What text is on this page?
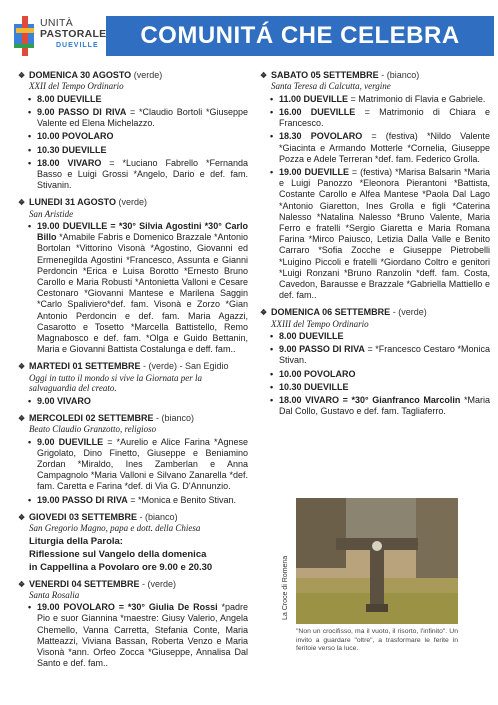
UNITÀ
PASTORALE
DUEVILLE	COMUNITÁ CHE CELEBRA
❖ DOMENICA 30 AGOSTO (verde)
XXII del Tempo Ordinario
• 8.00 DUEVILLE
• 9.00 PASSO DI RIVA = *Claudio Bortoli *Giuseppe Valente ed Elena Michelazzo.
• 10.00 POVOLARO
• 10.30 DUEVILLE
• 18.00 VIVARO = *Luciano Fabrello *Fernanda Basso e Luigi Grossi *Angelo, Dario e def. fam. Stivanin.
❖ LUNEDI 31 AGOSTO (verde)
San Aristide
• 19.00 DUEVILLE = *30° Silvia Agostini *30° Carlo Billo *Amabile Fabris e Domenico Brazzale *Antonio Bortolan *Vittorino Visonà *Agostino, Giovanni ed Ermenegilda Agostini *Francesco, Assunta e Gianni Perdoncin *Erica e Luisa Borotto *Ernesto Bruno Carollo e Maria Robusti *Antonietta Valloni e Cesare Cestonaro *Giovanni Mantese e Marilena Saggin *Carlo Spaliviero*def. fam. Visonà e Zorzo *Gian Antonio Perdoncin e def. fam. Maria Agazzi, Casarotto e Tosetto *Marcella Battistello, Remo Magnabosco e def. fam. *Olga e Guido Bettanin, Maria e Giovanni Battista Costalunga e deff. fam..
❖ MARTEDI 01 SETTEMBRE - (verde) - San Egidio
Oggi in tutto il mondo si vive la Giornata per la salvaguardia del creato.
• 9.00 VIVARO
❖ MERCOLEDI 02 SETTEMBRE - (bianco)
Beato Claudio Granzotto, religioso
• 9.00 DUEVILLE = *Aurelio e Alice Farina *Agnese Grigolato, Dino Finetto, Giuseppe e Beniamino Zordan *Miraldo, Ines Zamberlan e Anna Campagnolo *Maria Valloni e Silvano Zanarella *def. fam. Caretta e Farina *def. di Via G. D'Annunzio.
• 19.00 PASSO DI RIVA = *Monica e Benito Stivan.
❖ GIOVEDI 03 SETTEMBRE - (bianco)
San Gregorio Magno, papa e dott. della Chiesa
Liturgia della Parola:
Riflessione sul Vangelo della domenica
in Cappellina a Povolaro ore 9.00 e 20.30
❖ VENERDI 04 SETTEMBRE - (verde)
Santa Rosalia
• 19.00 POVOLARO = *30° Giulia De Rossi *padre Pio e suor Giannina *maestre: Giusy Valerio, Angela Chemello, Vanna Carretta, Stefania Conte, Maria Matteazzi, Viviana Bassan, Roberta Venzo e Maria Visonà *ann. Orfeo Zocca *Giuseppe, Annalisa Dal Santo e def. fam..
❖ SABATO 05 SETTEMBRE - (bianco)
Santa Teresa di Calcutta, vergine
• 11.00 DUEVILLE = Matrimonio di Flavia e Gabriele.
• 16.00 DUEVILLE = Matrimonio di Chiara e Francesco.
• 18.30 POVOLARO = (festiva) *Nildo Valente *Giacinta e Armando Motterle *Cornelia, Giuseppe Pozza e Adele Terreran *def. fam. Federico Grolla.
• 19.00 DUEVILLE = (festiva) *Marisa Balsarin *Maria e Luigi Panozzo *Eleonora Pierantoni *Battista, Costante Carollo e Alfea Mantese *Paola Dal Lago *Antonio Giaretton, Ines Grolla e figli *Caterina Nalesso *Natalina Nalesso *Bruno Valente, Maria Ferro e fratelli *Sergio Giaretta e Maria Romana Farina *Mirco Paiusco, Letizia Dalla Valle e Benito Carraro *Sofia Zocche e Giuseppe Pietrobelli *Luigino Piccoli e fratelli *Giordano Coltro e genitori *Luigi Ronzani *Bruno Ranzolin *deff. fam. Costa, Cavedon, Barausse e Brazzale *Gabriella Mattiello e def. fam..
❖ DOMENICA 06 SETTEMBRE - (verde)
XXIII del Tempo Ordinario
• 8.00 DUEVILLE
• 9.00 PASSO DI RIVA = *Francesco Cestaro *Monica Stivan.
• 10.00 POVOLARO
• 10.30 DUEVILLE
• 18.00 VIVARO = *30° Gianfranco Marcolin *Maria Dal Collo, Gustavo e def. fam. Tagliaferro.
La Croce di Romena
"Non un crocifisso, ma il vuoto, il risorto, l'infinito". Un invito a guardare "oltre", a trasformare le ferite in feritoie verso la luce.
